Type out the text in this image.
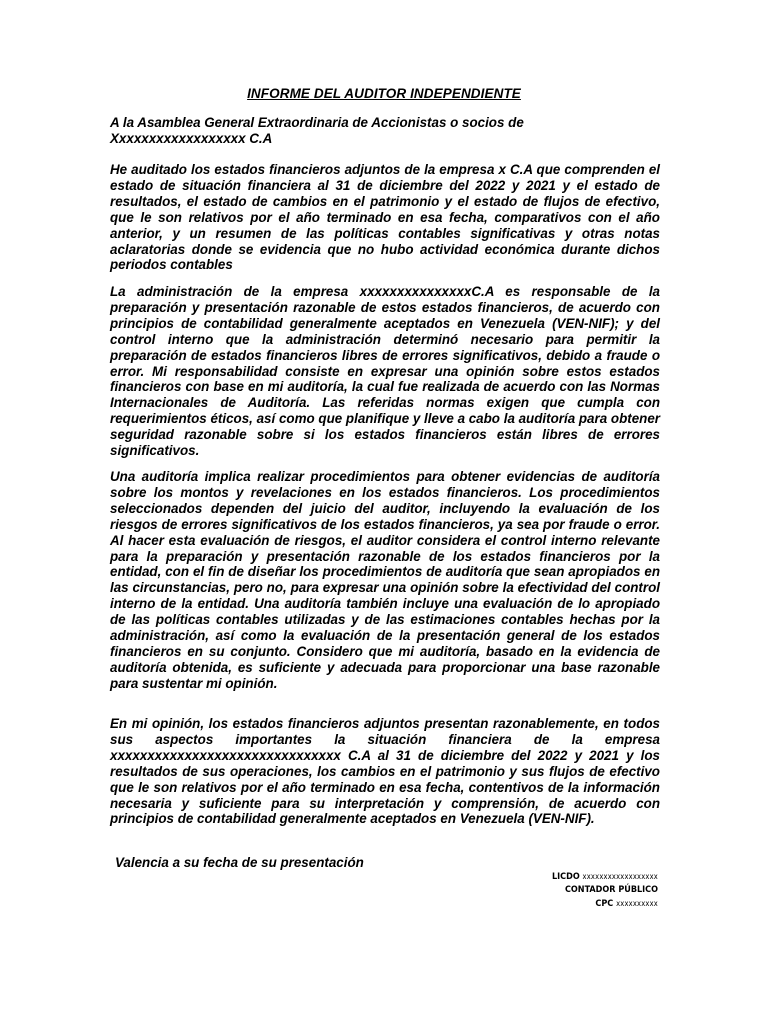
INFORME DEL AUDITOR INDEPENDIENTE

A la Asamblea General Extraordinaria de Accionistas o socios de Xxxxxxxxxxxxxxxxxx C.A

He auditado los estados financieros adjuntos de la empresa x C.A que comprenden el estado de situación financiera al 31 de diciembre del 2022 y 2021 y el estado de resultados, el estado de cambios en el patrimonio y el estado de flujos de efectivo, que le son relativos por el año terminado en esa fecha, comparativos con el año anterior, y un resumen de las políticas contables significativas y otras notas aclaratorias donde se evidencia que no hubo actividad económica durante dichos periodos contables

La administración de la empresa xxxxxxxxxxxxxxxC.A es responsable de la preparación y presentación razonable de estos estados financieros, de acuerdo con principios de contabilidad generalmente aceptados en Venezuela (VEN-NIF); y del control interno que la administración determinó necesario para permitir la preparación de estados financieros libres de errores significativos, debido a fraude o error. Mi responsabilidad consiste en expresar una opinión sobre estos estados financieros con base en mi auditoría, la cual fue realizada de acuerdo con las Normas Internacionales de Auditoría. Las referidas normas exigen que cumpla con requerimientos éticos, así como que planifique y lleve a cabo la auditoría para obtener seguridad razonable sobre si los estados financieros están libres de errores significativos.

Una auditoría implica realizar procedimientos para obtener evidencias de auditoría sobre los montos y revelaciones en los estados financieros. Los procedimientos seleccionados dependen del juicio del auditor, incluyendo la evaluación de los riesgos de errores significativos de los estados financieros, ya sea por fraude o error. Al hacer esta evaluación de riesgos, el auditor considera el control interno relevante para la preparación y presentación razonable de los estados financieros por la entidad, con el fin de diseñar los procedimientos de auditoría que sean apropiados en las circunstancias, pero no, para expresar una opinión sobre la efectividad del control interno de la entidad. Una auditoría también incluye una evaluación de lo apropiado de las políticas contables utilizadas y de las estimaciones contables hechas por la administración, así como la evaluación de la presentación general de los estados financieros en su conjunto. Considero que mi auditoría, basado en la evidencia de auditoría obtenida, es suficiente y adecuada para proporcionar una base razonable para sustentar mi opinión.

En mi opinión, los estados financieros adjuntos presentan razonablemente, en todos sus aspectos importantes la situación financiera de la empresa xxxxxxxxxxxxxxxxxxxxxxxxxxxxxxx C.A al 31 de diciembre del 2022 y 2021 y los resultados de sus operaciones, los cambios en el patrimonio y sus flujos de efectivo que le son relativos por el año terminado en esa fecha, contentivos de la información necesaria y suficiente para su interpretación y comprensión, de acuerdo con principios de contabilidad generalmente aceptados en Venezuela (VEN-NIF).

Valencia a su fecha de su presentación
LICDO xxxxxxxxxxxxxxxxxx
CONTADOR PÚBLICO
CPC xxxxxxxxxx
